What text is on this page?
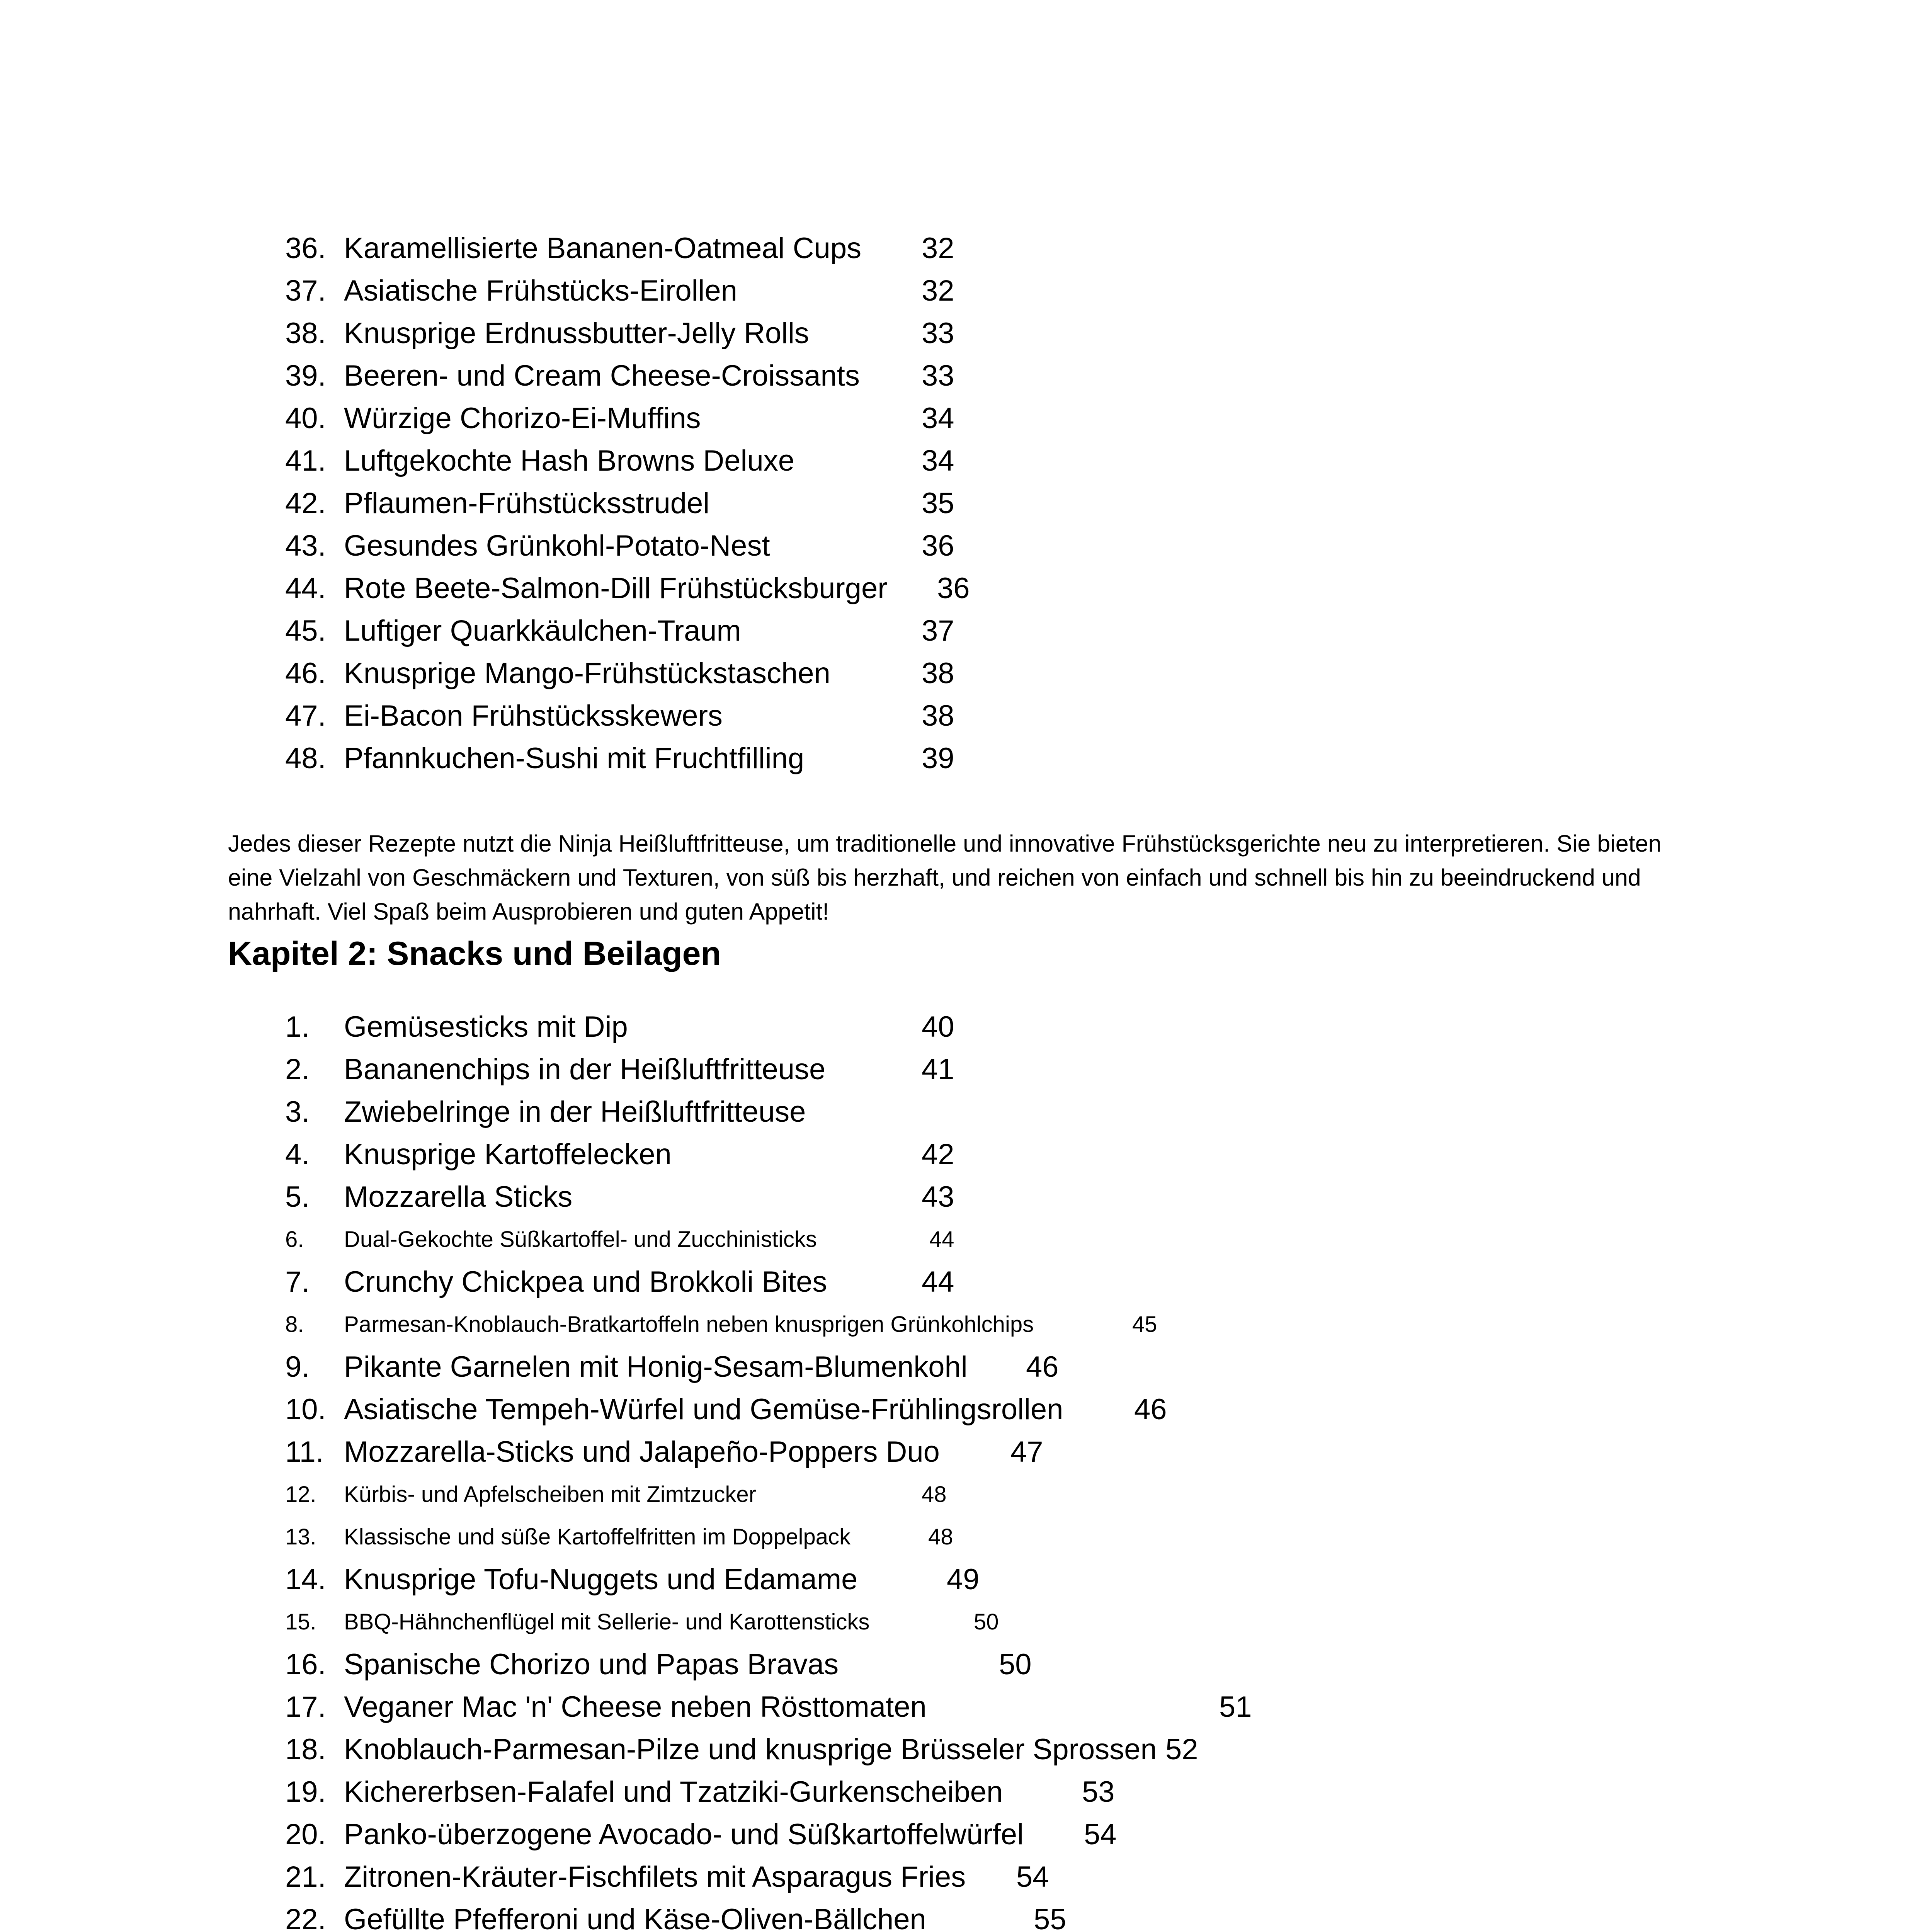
36. Karamellisierte Bananen-Oatmeal Cups 32
37. Asiatische Frühstücks-Eirollen	32
38. Knusprige Erdnussbutter-Jelly Rolls	33
39. Beeren- und Cream Cheese-Croissants 33
40. Würzige Chorizo-Ei-Muffins	34
41. Luftgekochte Hash Browns Deluxe	34
42. Pflaumen-Frühstücksstrudel	35
43. Gesundes Grünkohl-Potato-Nest	36
44. Rote Beete-Salmon-Dill Frühstücksburger 36
45. Luftiger Quarkkäulchen-Traum	37
46. Knusprige Mango-Frühstückstaschen	38
47. Ei-Bacon Frühstücksskewers	38
48. Pfannkuchen-Sushi mit Fruchtfilling	39

Jedes dieser Rezepte nutzt die Ninja Heißluftfritteuse, um traditionelle und innovative Frühstücksgerichte neu zu interpretieren. Sie bieten eine Vielzahl von Geschmäckern und Texturen, von süß bis herzhaft, und reichen von einfach und schnell bis hin zu beeindruckend und nahrhaft. Viel Spaß beim Ausprobieren und guten Appetit!

Kapitel 2: Snacks und Beilagen
1. Gemüsesticks mit Dip	40
2. Bananenchips in der Heißluftfritteuse	41
3. Zwiebelringe in der Heißluftfritteuse
4. Knusprige Kartoffelecken	42
5. Mozzarella Sticks	43
6. Dual-Gekochte Süßkartoffel- und Zucchinisticks	44
7. Crunchy Chickpea und Brokkoli Bites	44
8. Parmesan-Knoblauch-Bratkartoffeln neben knusprigen Grünkohlchips	45
9. Pikante Garnelen mit Honig-Sesam-Blumenkohl 46
10. Asiatische Tempeh-Würfel und Gemüse-Frühlingsrollen 46
11. Mozzarella-Sticks und Jalapeño-Poppers Duo 47
12. Kürbis- und Apfelscheiben mit Zimtzucker	48
13. Klassische und süße Kartoffelfritten im Doppelpack	48
14. Knusprige Tofu-Nuggets und Edamame	49
15. BBQ-Hähnchenflügel mit Sellerie- und Karottensticks	50
16. Spanische Chorizo und Papas Bravas	50
17. Veganer Mac 'n' Cheese neben Rösttomaten	51
18. Knoblauch-Parmesan-Pilze und knusprige Brüsseler Sprossen 52
19. Kichererbsen-Falafel und Tzatziki-Gurkenscheiben	53
20. Panko-überzogene Avocado- und Süßkartoffelwürfel 54
21. Zitronen-Kräuter-Fischfilets mit Asparagus Fries 54
22. Gefüllte Pfefferoni und Käse-Oliven-Bällchen	55
